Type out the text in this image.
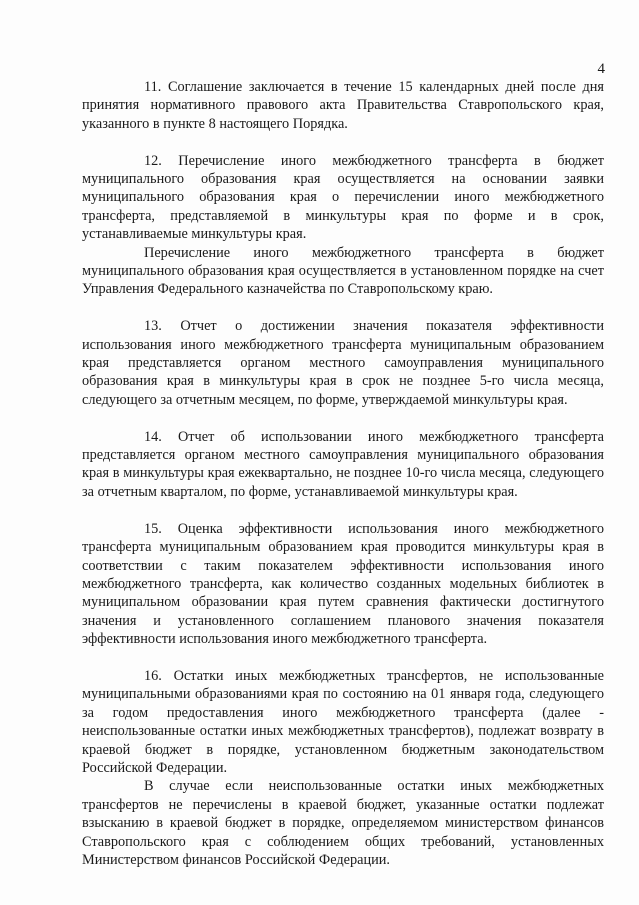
4

11. Соглашение заключается в течение 15 календарных дней после дня принятия нормативного правового акта Правительства Ставропольского края, указанного в пункте 8 настоящего Порядка.

12. Перечисление иного межбюджетного трансферта в бюджет муниципального образования края осуществляется на основании заявки муниципального образования края о перечислении иного межбюджетного трансферта, представляемой в минкультуры края по форме и в срок, устанавливаемые минкультуры края.

Перечисление иного межбюджетного трансферта в бюджет муниципального образования края осуществляется в установленном порядке на счет Управления Федерального казначейства по Ставропольскому краю.

13. Отчет о достижении значения показателя эффективности использования иного межбюджетного трансферта муниципальным образованием края представляется органом местного самоуправления муниципального образования края в минкультуры края в срок не позднее 5-го числа месяца, следующего за отчетным месяцем, по форме, утверждаемой минкультуры края.

14. Отчет об использовании иного межбюджетного трансферта представляется органом местного самоуправления муниципального образования края в минкультуры края ежеквартально, не позднее 10-го числа месяца, следующего за отчетным кварталом, по форме, устанавливаемой минкультуры края.

15. Оценка эффективности использования иного межбюджетного трансферта муниципальным образованием края проводится минкультуры края в соответствии с таким показателем эффективности использования иного межбюджетного трансферта, как количество созданных модельных библиотек в муниципальном образовании края путем сравнения фактически достигнутого значения и установленного соглашением планового значения показателя эффективности использования иного межбюджетного трансферта.

16. Остатки иных межбюджетных трансфертов, не использованные муниципальными образованиями края по состоянию на 01 января года, следующего за годом предоставления иного межбюджетного трансферта (далее - неиспользованные остатки иных межбюджетных трансфертов), подлежат возврату в краевой бюджет в порядке, установленном бюджетным законодательством Российской Федерации.

В случае если неиспользованные остатки иных межбюджетных трансфертов не перечислены в краевой бюджет, указанные остатки подлежат взысканию в краевой бюджет в порядке, определяемом министерством финансов Ставропольского края с соблюдением общих требований, установленных Министерством финансов Российской Федерации.
